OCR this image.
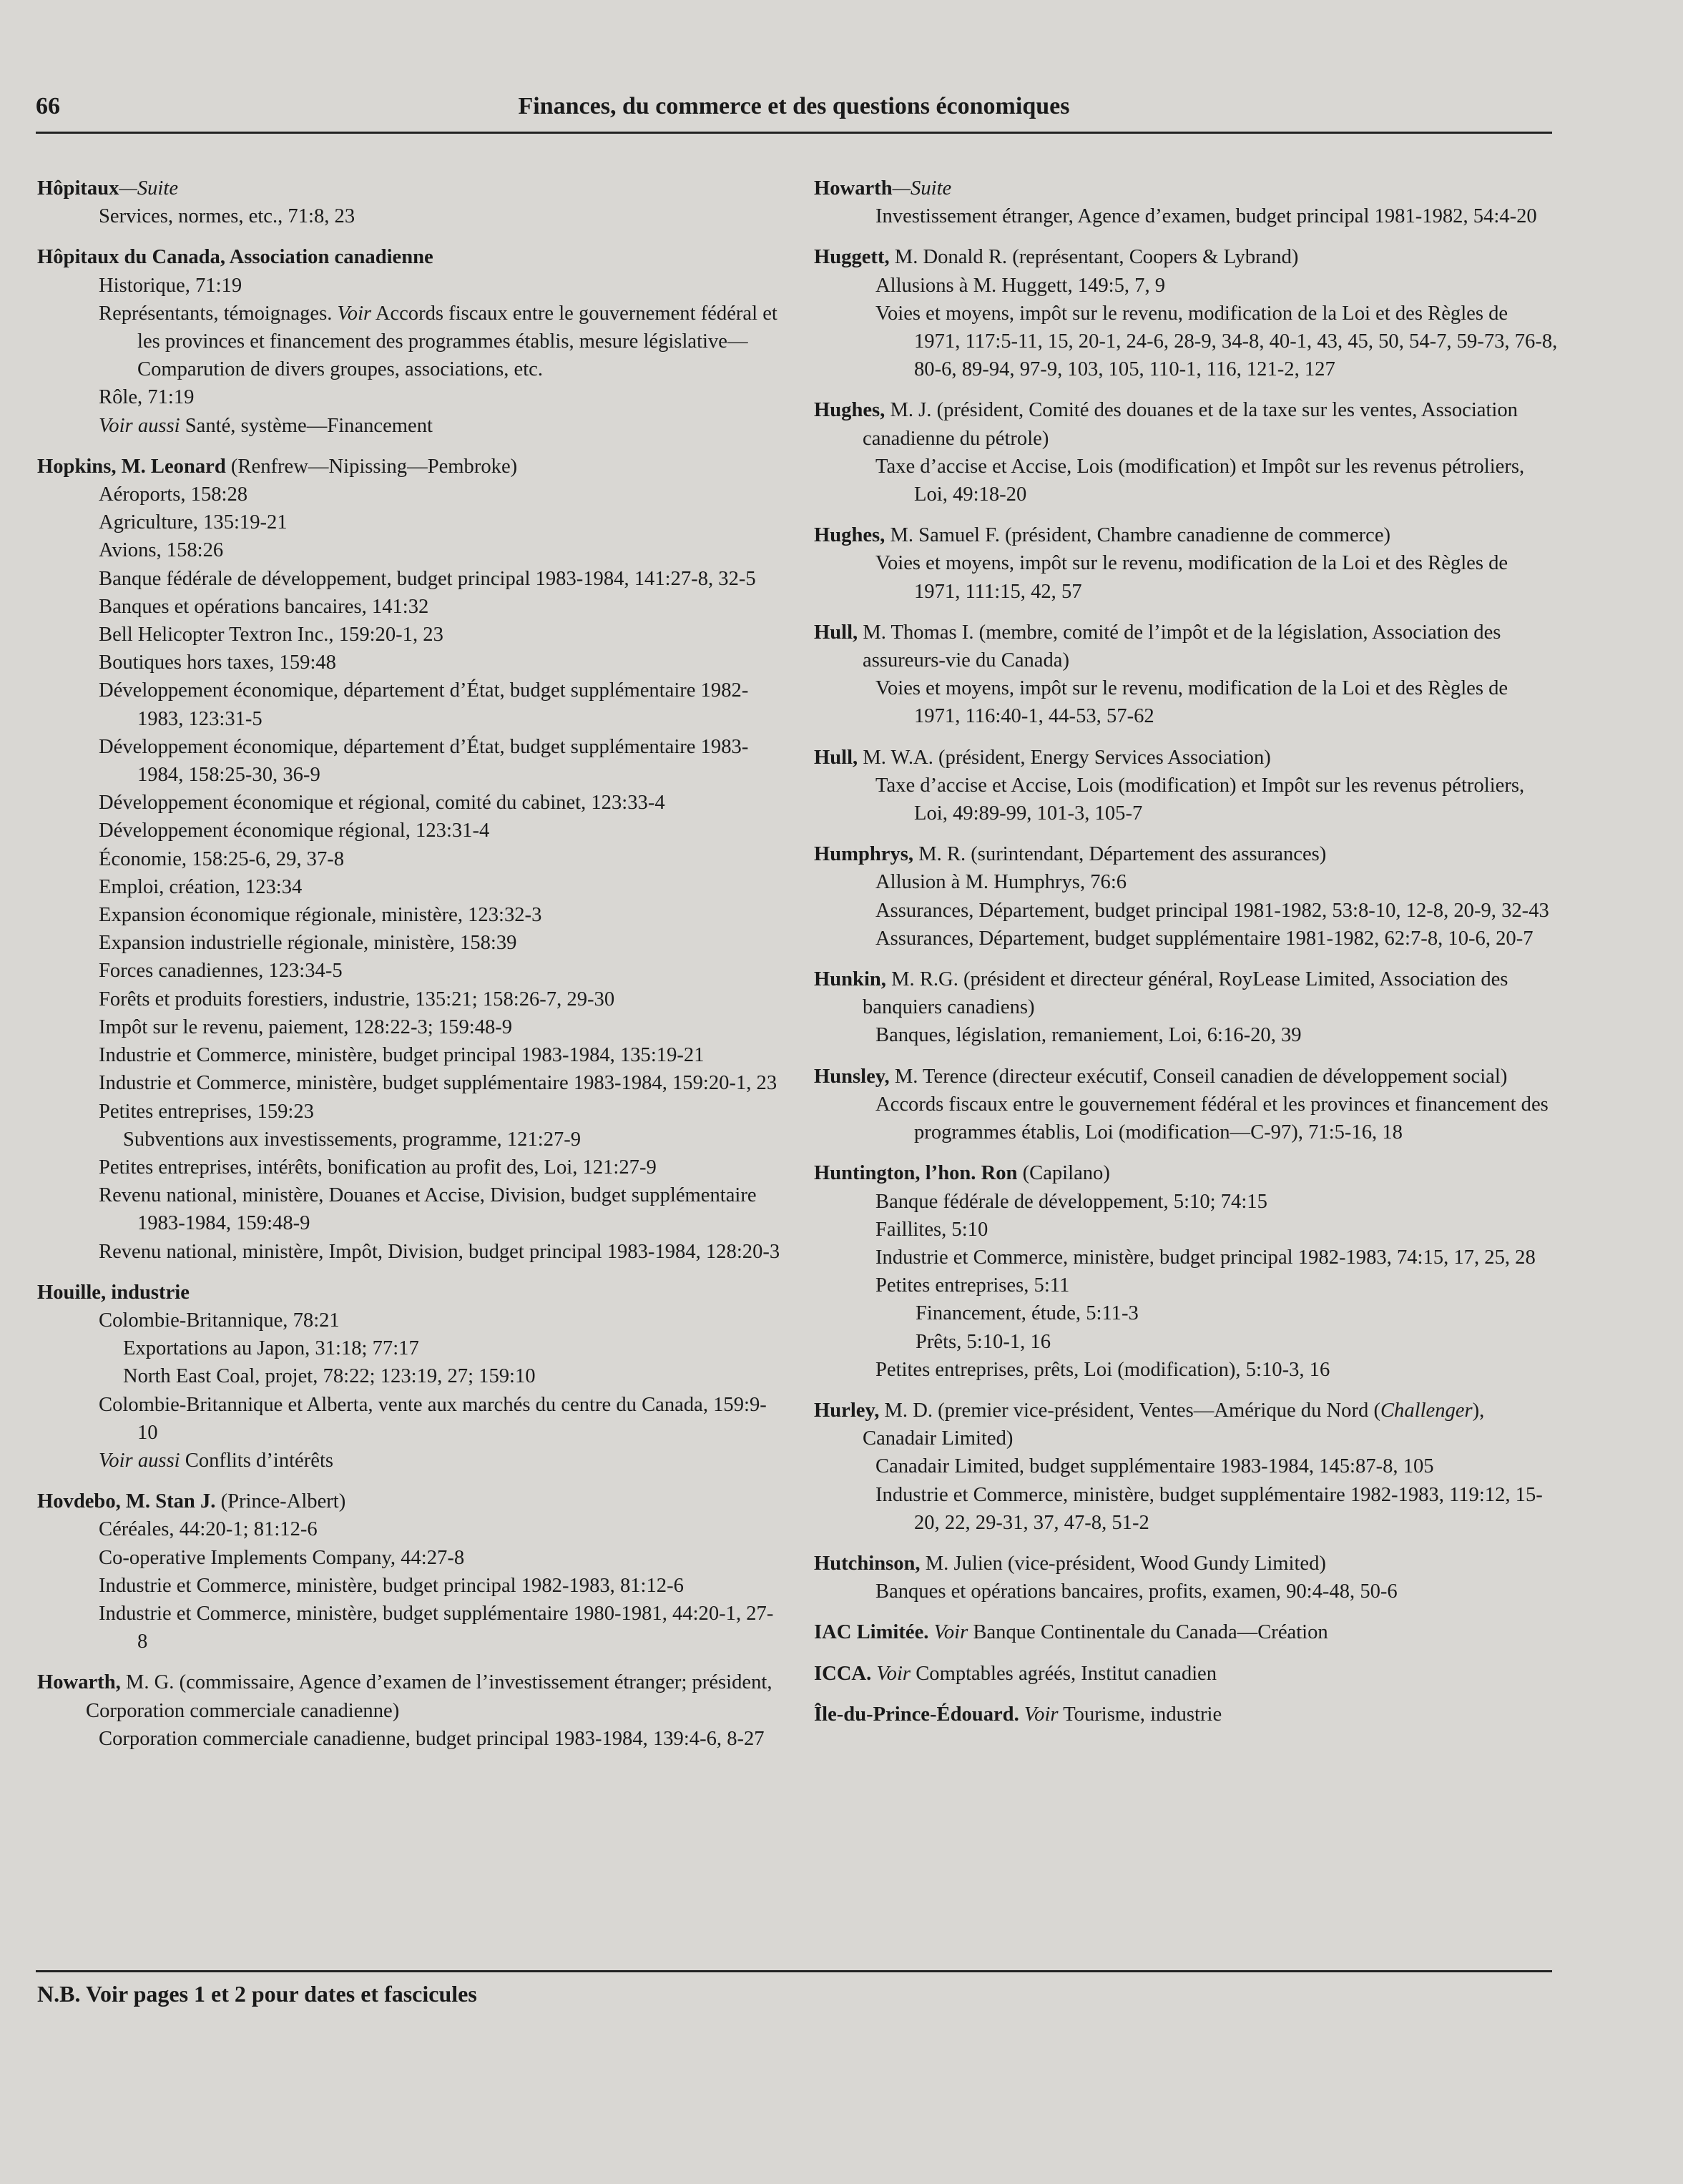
66	Finances, du commerce et des questions économiques
Hôpitaux—Suite
Services, normes, etc., 71:8, 23
Hôpitaux du Canada, Association canadienne
Historique, 71:19
Représentants, témoignages. Voir Accords fiscaux entre le gouvernement fédéral et les provinces et financement des programmes établis, mesure législative—Comparution de divers groupes, associations, etc.
Rôle, 71:19
Voir aussi Santé, système—Financement
Hopkins, M. Leonard (Renfrew—Nipissing—Pembroke)
Aéroports, 158:28
Agriculture, 135:19-21
Avions, 158:26
Banque fédérale de développement, budget principal 1983-1984, 141:27-8, 32-5
Banques et opérations bancaires, 141:32
Bell Helicopter Textron Inc., 159:20-1, 23
Boutiques hors taxes, 159:48
Développement économique, département d’État, budget supplémentaire 1982-1983, 123:31-5
Développement économique, département d’État, budget supplémentaire 1983-1984, 158:25-30, 36-9
Développement économique et régional, comité du cabinet, 123:33-4
Développement économique régional, 123:31-4
Économie, 158:25-6, 29, 37-8
Emploi, création, 123:34
Expansion économique régionale, ministère, 123:32-3
Expansion industrielle régionale, ministère, 158:39
Forces canadiennes, 123:34-5
Forêts et produits forestiers, industrie, 135:21; 158:26-7, 29-30
Impôt sur le revenu, paiement, 128:22-3; 159:48-9
Industrie et Commerce, ministère, budget principal 1983-1984, 135:19-21
Industrie et Commerce, ministère, budget supplémentaire 1983-1984, 159:20-1, 23
Petites entreprises, 159:23
Subventions aux investissements, programme, 121:27-9
Petites entreprises, intérêts, bonification au profit des, Loi, 121:27-9
Revenu national, ministère, Douanes et Accise, Division, budget supplémentaire 1983-1984, 159:48-9
Revenu national, ministère, Impôt, Division, budget principal 1983-1984, 128:20-3
Houille, industrie
Colombie-Britannique, 78:21
Exportations au Japon, 31:18; 77:17
North East Coal, projet, 78:22; 123:19, 27; 159:10
Colombie-Britannique et Alberta, vente aux marchés du centre du Canada, 159:9-10
Voir aussi Conflits d’intérêts
Hovdebo, M. Stan J. (Prince-Albert)
Céréales, 44:20-1; 81:12-6
Co-operative Implements Company, 44:27-8
Industrie et Commerce, ministère, budget principal 1982-1983, 81:12-6
Industrie et Commerce, ministère, budget supplémentaire 1980-1981, 44:20-1, 27-8
Howarth, M. G. (commissaire, Agence d’examen de l’investissement étranger; président, Corporation commerciale canadienne)
Corporation commerciale canadienne, budget principal 1983-1984, 139:4-6, 8-27
Howarth—Suite
Investissement étranger, Agence d’examen, budget principal 1981-1982, 54:4-20
Huggett, M. Donald R. (représentant, Coopers & Lybrand)
Allusions à M. Huggett, 149:5, 7, 9
Voies et moyens, impôt sur le revenu, modification de la Loi et des Règles de 1971, 117:5-11, 15, 20-1, 24-6, 28-9, 34-8, 40-1, 43, 45, 50, 54-7, 59-73, 76-8, 80-6, 89-94, 97-9, 103, 105, 110-1, 116, 121-2, 127
Hughes, M. J. (président, Comité des douanes et de la taxe sur les ventes, Association canadienne du pétrole)
Taxe d’accise et Accise, Lois (modification) et Impôt sur les revenus pétroliers, Loi, 49:18-20
Hughes, M. Samuel F. (président, Chambre canadienne de commerce)
Voies et moyens, impôt sur le revenu, modification de la Loi et des Règles de 1971, 111:15, 42, 57
Hull, M. Thomas I. (membre, comité de l’impôt et de la législation, Association des assureurs-vie du Canada)
Voies et moyens, impôt sur le revenu, modification de la Loi et des Règles de 1971, 116:40-1, 44-53, 57-62
Hull, M. W.A. (président, Energy Services Association)
Taxe d’accise et Accise, Lois (modification) et Impôt sur les revenus pétroliers, Loi, 49:89-99, 101-3, 105-7
Humphrys, M. R. (surintendant, Département des assurances)
Allusion à M. Humphrys, 76:6
Assurances, Département, budget principal 1981-1982, 53:8-10, 12-8, 20-9, 32-43
Assurances, Département, budget supplémentaire 1981-1982, 62:7-8, 10-6, 20-7
Hunkin, M. R.G. (président et directeur général, RoyLease Limited, Association des banquiers canadiens)
Banques, législation, remaniement, Loi, 6:16-20, 39
Hunsley, M. Terence (directeur exécutif, Conseil canadien de développement social)
Accords fiscaux entre le gouvernement fédéral et les provinces et financement des programmes établis, Loi (modification—C-97), 71:5-16, 18
Huntington, l’hon. Ron (Capilano)
Banque fédérale de développement, 5:10; 74:15
Faillites, 5:10
Industrie et Commerce, ministère, budget principal 1982-1983, 74:15, 17, 25, 28
Petites entreprises, 5:11
Financement, étude, 5:11-3
Prêts, 5:10-1, 16
Petites entreprises, prêts, Loi (modification), 5:10-3, 16
Hurley, M. D. (premier vice-président, Ventes—Amérique du Nord (Challenger), Canadair Limited)
Canadair Limited, budget supplémentaire 1983-1984, 145:87-8, 105
Industrie et Commerce, ministère, budget supplémentaire 1982-1983, 119:12, 15-20, 22, 29-31, 37, 47-8, 51-2
Hutchinson, M. Julien (vice-président, Wood Gundy Limited)
Banques et opérations bancaires, profits, examen, 90:4-48, 50-6
IAC Limitée. Voir Banque Continentale du Canada—Création
ICCA. Voir Comptables agréés, Institut canadien
Île-du-Prince-Édouard. Voir Tourisme, industrie
N.B. Voir pages 1 et 2 pour dates et fascicules
